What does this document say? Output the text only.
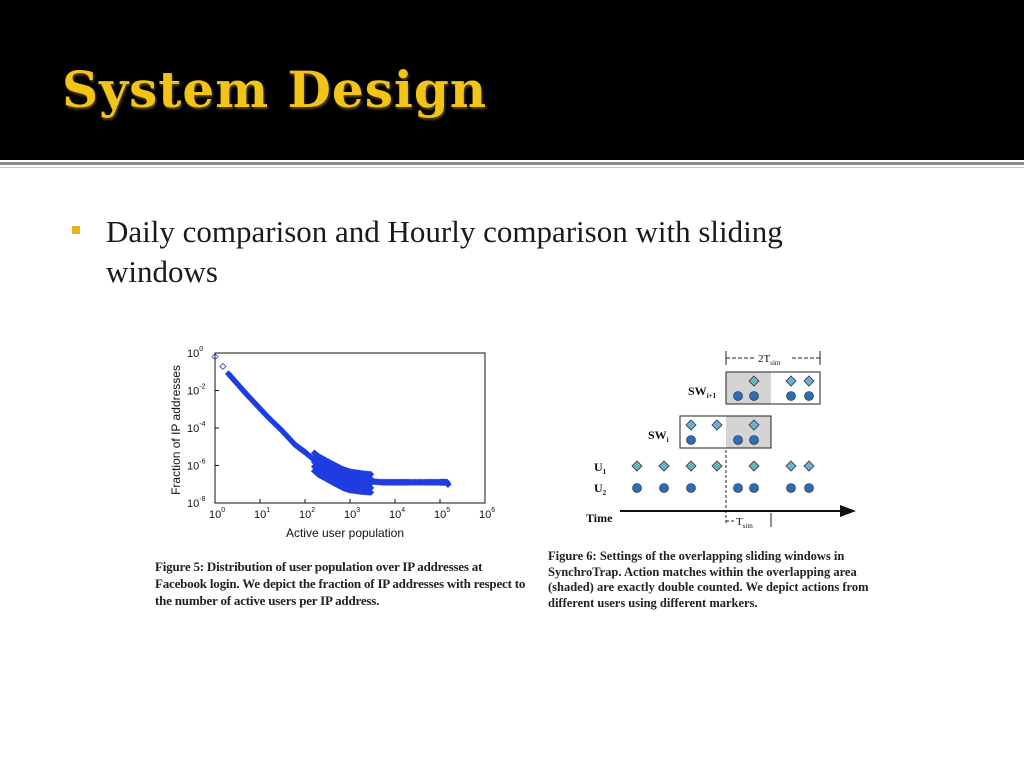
System Design

Daily comparison and Hourly comparison with sliding windows

$10^0$	$10^1$	$10^2$	$10^3$	$10^4$	$10^5$	$10^6$
$10^0$
$10^{-2}$
$10^{-4}$
$10^{-6}$
$10^{-8}$
Active user population
Fraction of IP addresses

Figure 5: Distribution of user population over IP addresses at Facebook login. We depict the fraction of IP addresses with respect to the number of active users per IP address.

$2T_{sim}$
$SW_{i+1}$
$SW_i$
$U_1$
$U_2$
Time	$T_{sim}$

Figure 6: Settings of the overlapping sliding windows in SynchroTrap. Action matches within the overlapping area (shaded) are exactly double counted. We depict actions from different users using different markers.
